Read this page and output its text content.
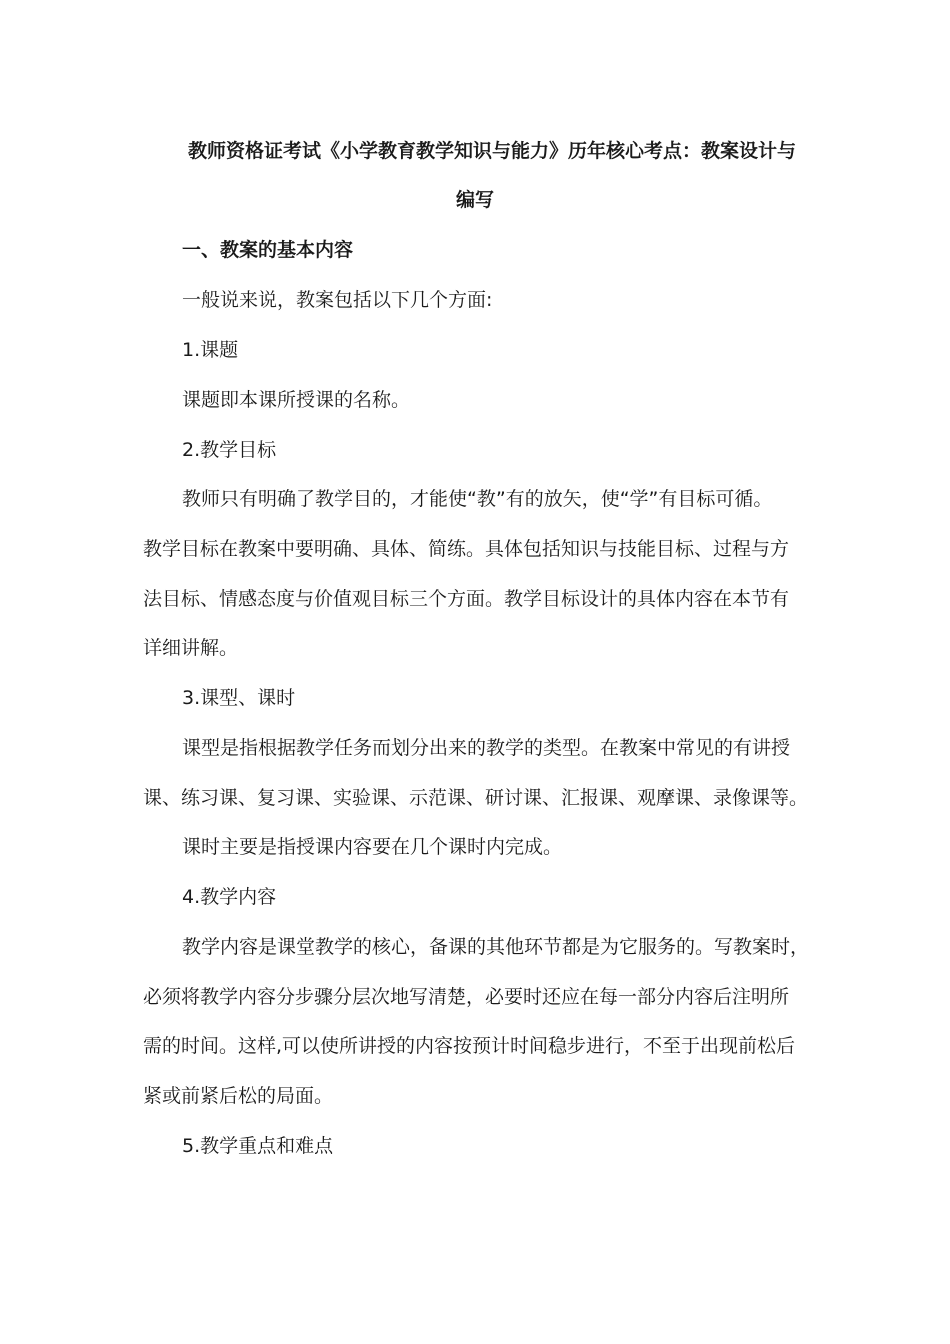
教师资格证考试《小学教育教学知识与能力》历年核心考点：教案设计与
编写
一、教案的基本内容
一般说来说，教案包括以下几个方面:
1.课题
课题即本课所授课的名称。
2.教学目标
教师只有明确了教学目的，才能使“教”有的放矢，使“学”有目标可循。
教学目标在教案中要明确、具体、简练。具体包括知识与技能目标、过程与方
法目标、情感态度与价值观目标三个方面。教学目标设计的具体内容在本节有
详细讲解。
3.课型、课时
课型是指根据教学任务而划分出来的教学的类型。在教案中常见的有讲授
课、练习课、复习课、实验课、示范课、研讨课、汇报课、观摩课、录像课等。
课时主要是指授课内容要在几个课时内完成。
4.教学内容
教学内容是课堂教学的核心，备课的其他环节都是为它服务的。写教案时，
必须将教学内容分步骤分层次地写清楚，必要时还应在每一部分内容后注明所
需的时间。这样,可以使所讲授的内容按预计时间稳步进行，不至于出现前松后
紧或前紧后松的局面。
5.教学重点和难点
